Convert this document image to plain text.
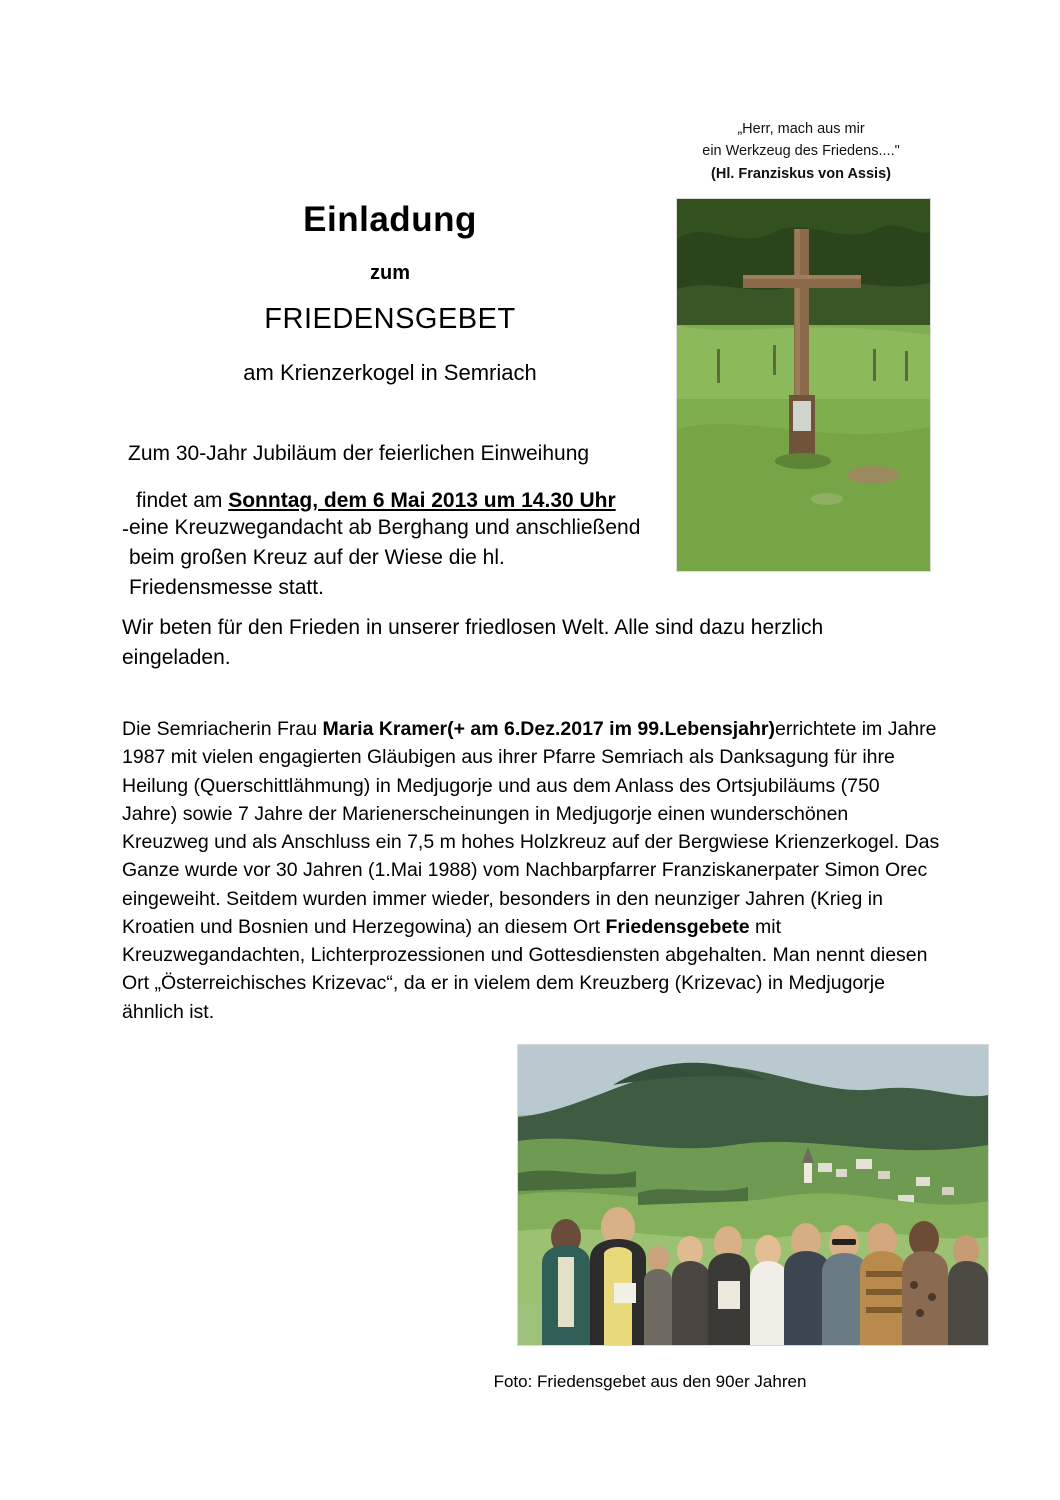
„Herr, mach aus mir
ein Werkzeug des Friedens...."
(Hl. Franziskus von Assis)
Einladung
zum
FRIEDENSGEBET
am Krienzerkogel in Semriach
Zum 30-Jahr Jubiläum der feierlichen Einweihung
findet am Sonntag, dem 6 Mai 2013 um 14.30 Uhr
- eine Kreuzwegandacht ab Berghang und anschließend beim großen Kreuz auf der Wiese die hl. Friedensmesse statt.
Wir beten für den Frieden in unserer friedlosen Welt. Alle sind dazu herzlich eingeladen.
Die Semriacherin Frau Maria Kramer(+ am 6.Dez.2017 im 99.Lebensjahr)errichtete im Jahre 1987 mit vielen engagierten Gläubigen aus ihrer Pfarre Semriach als Danksagung für ihre Heilung (Querschittlähmung) in Medjugorje und aus dem Anlass des Ortsjubiläums (750 Jahre) sowie 7 Jahre der Marienerscheinungen in Medjugorje einen wunderschönen Kreuzweg und als Anschluss ein 7,5 m hohes Holzkreuz auf der Bergwiese Krienzerkogel. Das Ganze wurde vor 30 Jahren (1.Mai 1988) vom Nachbarpfarrer Franziskanerpater Simon Orec eingeweiht. Seitdem wurden immer wieder, besonders in den neunziger Jahren (Krieg in Kroatien und Bosnien und Herzegowina) an diesem Ort Friedensgebete mit Kreuzwegandachten, Lichterprozessionen und Gottesdiensten abgehalten. Man nennt diesen Ort „Österreichisches Krizevac“, da er in vielem dem Kreuzberg (Krizevac) in Medjugorje ähnlich ist.
Foto: Friedensgebet aus den 90er Jahren
